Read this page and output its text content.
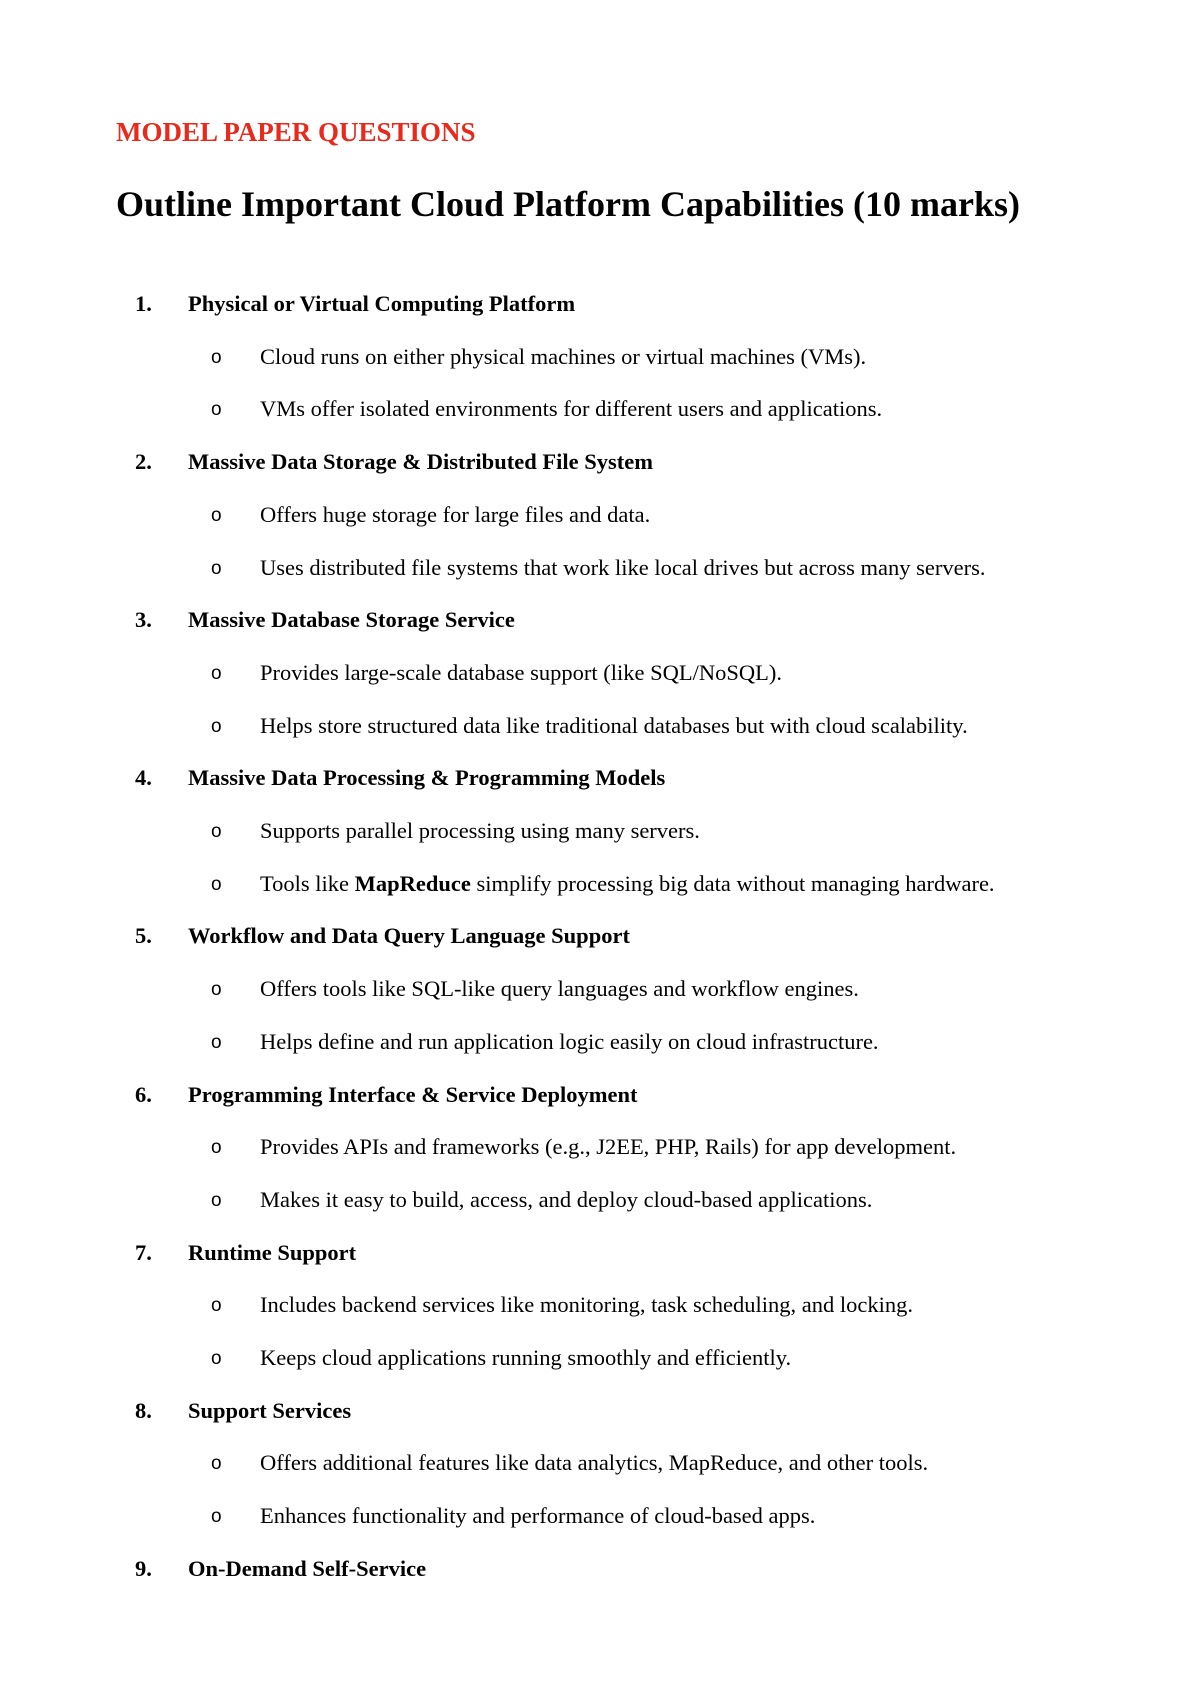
MODEL PAPER QUESTIONS
Outline Important Cloud Platform Capabilities (10 marks)
1. Physical or Virtual Computing Platform
o Cloud runs on either physical machines or virtual machines (VMs).
o VMs offer isolated environments for different users and applications.
2. Massive Data Storage & Distributed File System
o Offers huge storage for large files and data.
o Uses distributed file systems that work like local drives but across many servers.
3. Massive Database Storage Service
o Provides large-scale database support (like SQL/NoSQL).
o Helps store structured data like traditional databases but with cloud scalability.
4. Massive Data Processing & Programming Models
o Supports parallel processing using many servers.
o Tools like MapReduce simplify processing big data without managing hardware.
5. Workflow and Data Query Language Support
o Offers tools like SQL-like query languages and workflow engines.
o Helps define and run application logic easily on cloud infrastructure.
6. Programming Interface & Service Deployment
o Provides APIs and frameworks (e.g., J2EE, PHP, Rails) for app development.
o Makes it easy to build, access, and deploy cloud-based applications.
7. Runtime Support
o Includes backend services like monitoring, task scheduling, and locking.
o Keeps cloud applications running smoothly and efficiently.
8. Support Services
o Offers additional features like data analytics, MapReduce, and other tools.
o Enhances functionality and performance of cloud-based apps.
9. On-Demand Self-Service
